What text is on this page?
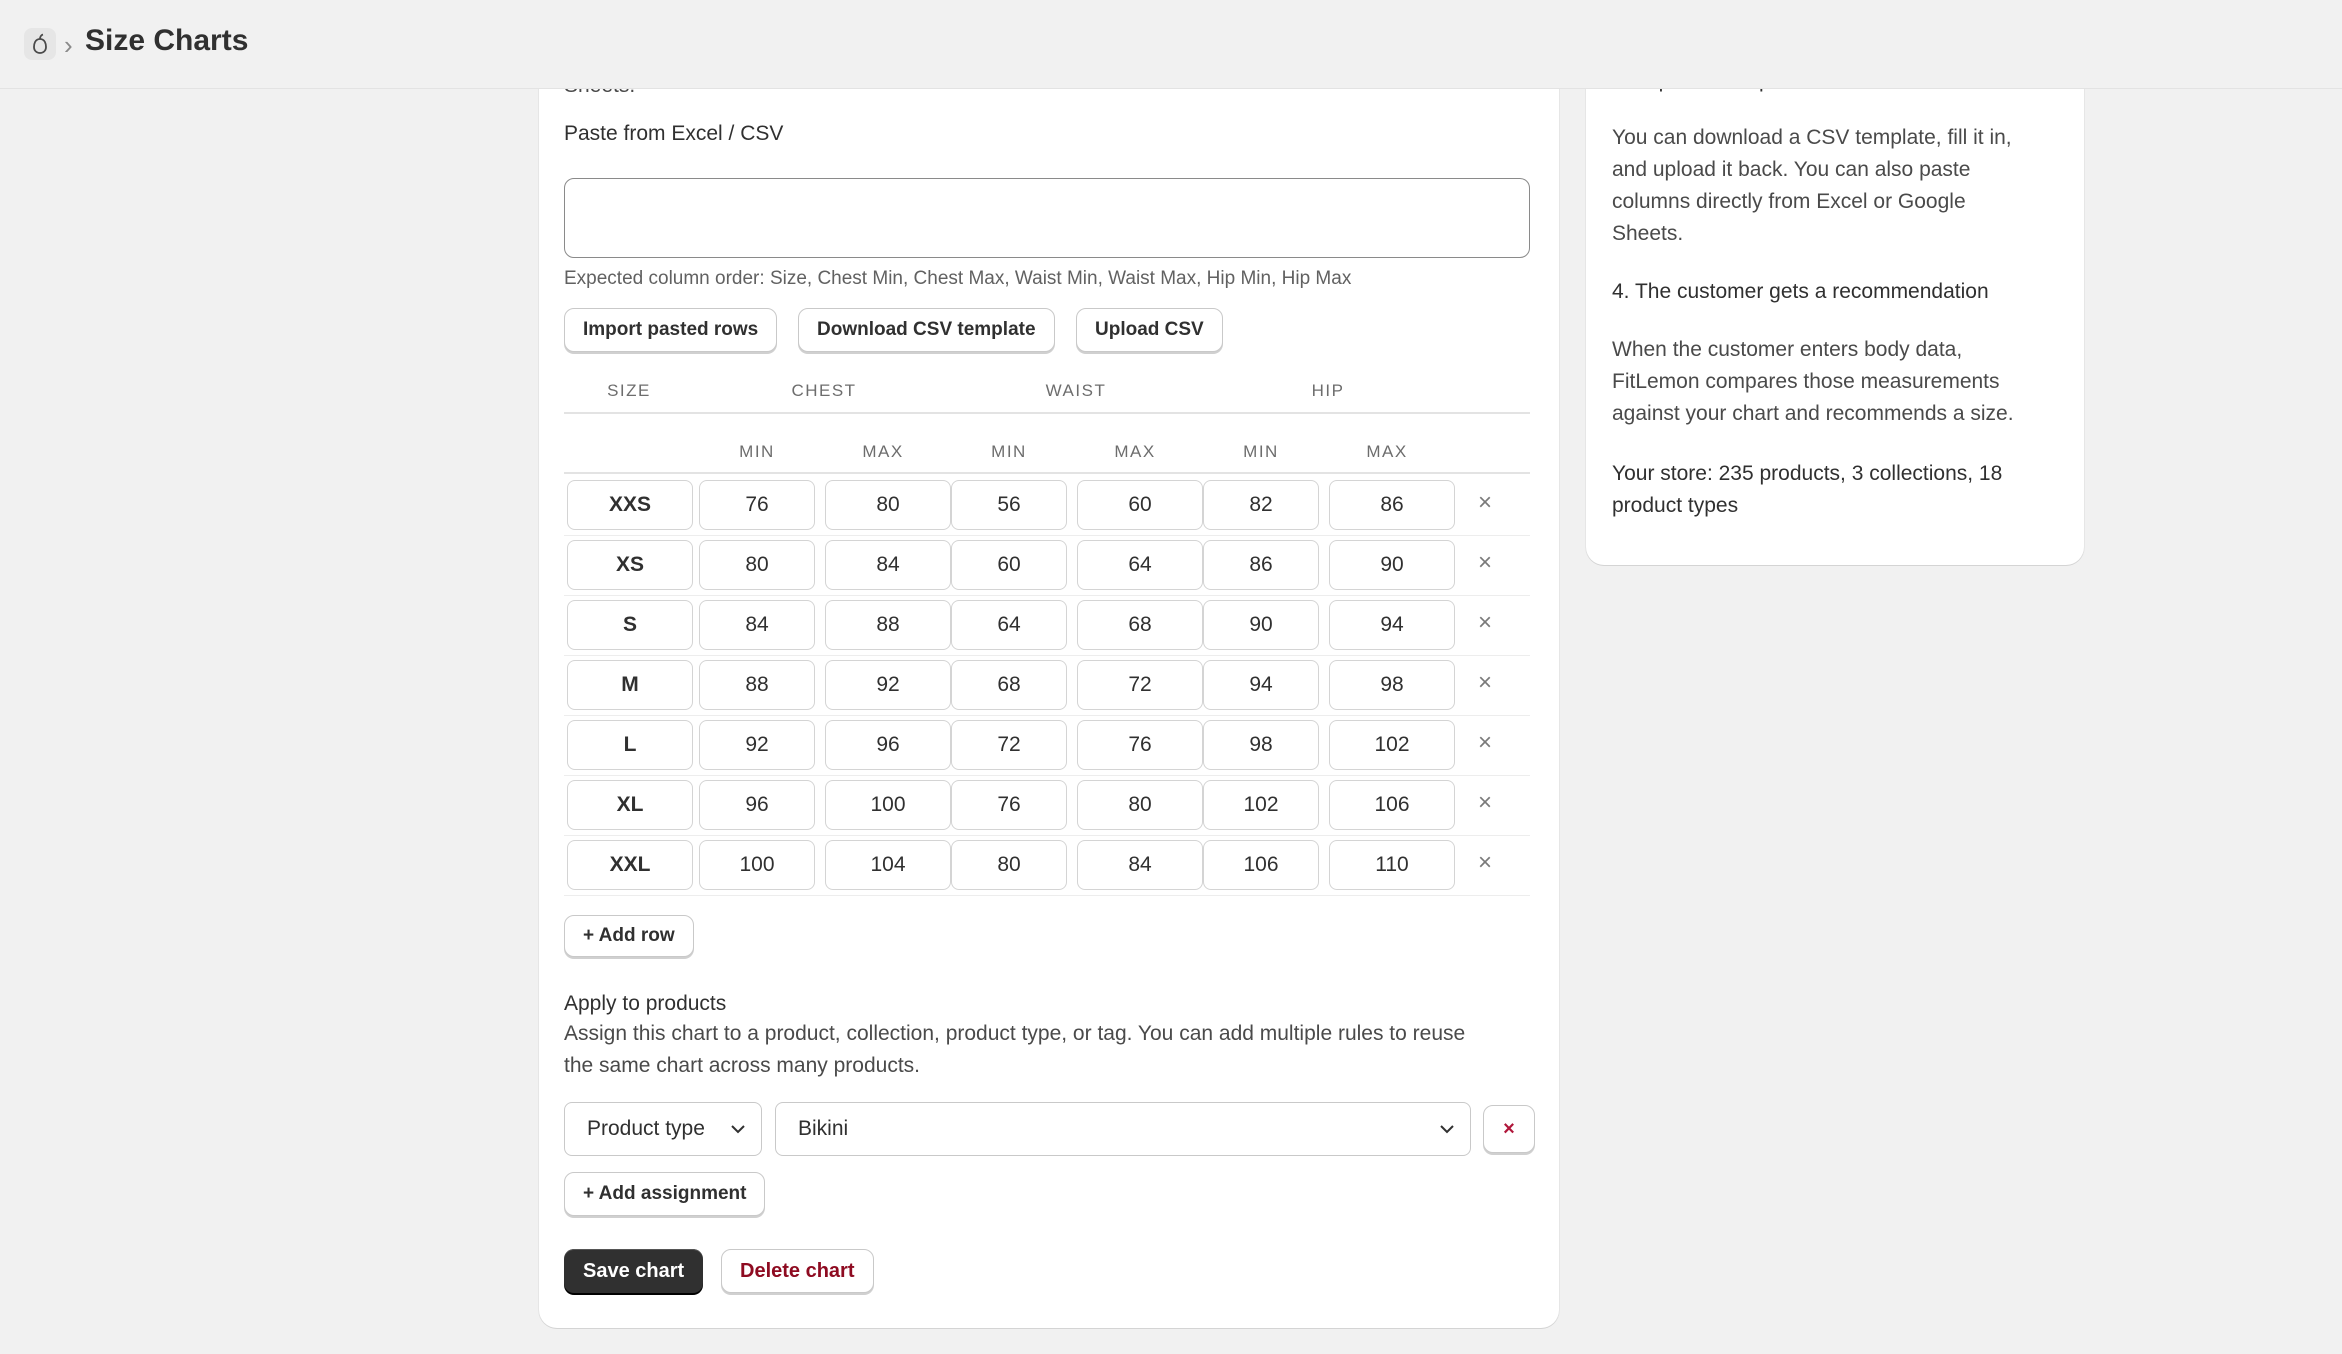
› Size Charts
Paste from Excel / CSV
Expected column order: Size, Chest Min, Chest Max, Waist Min, Waist Max, Hip Min, Hip Max
Import pasted rows	Download CSV template	Upload CSV
SIZE	CHEST	WAIST	HIP
MIN	MAX	MIN	MAX	MIN	MAX
XXS	76	80	56	60	82	86	×
XS	80	84	60	64	86	90	×
S	84	88	64	68	90	94	×
M	88	92	68	72	94	98	×
L	92	96	72	76	98	102	×
XL	96	100	76	80	102	106	×
XXL	100	104	80	84	106	110	×
+ Add row
Apply to products
Assign this chart to a product, collection, product type, or tag. You can add multiple rules to reuse
the same chart across many products.
Product type	Bikini	×
+ Add assignment
Save chart	Delete chart
You can download a CSV template, fill it in,
and upload it back. You can also paste
columns directly from Excel or Google
Sheets.
4. The customer gets a recommendation
When the customer enters body data,
FitLemon compares those measurements
against your chart and recommends a size.
Your store: 235 products, 3 collections, 18
product types
